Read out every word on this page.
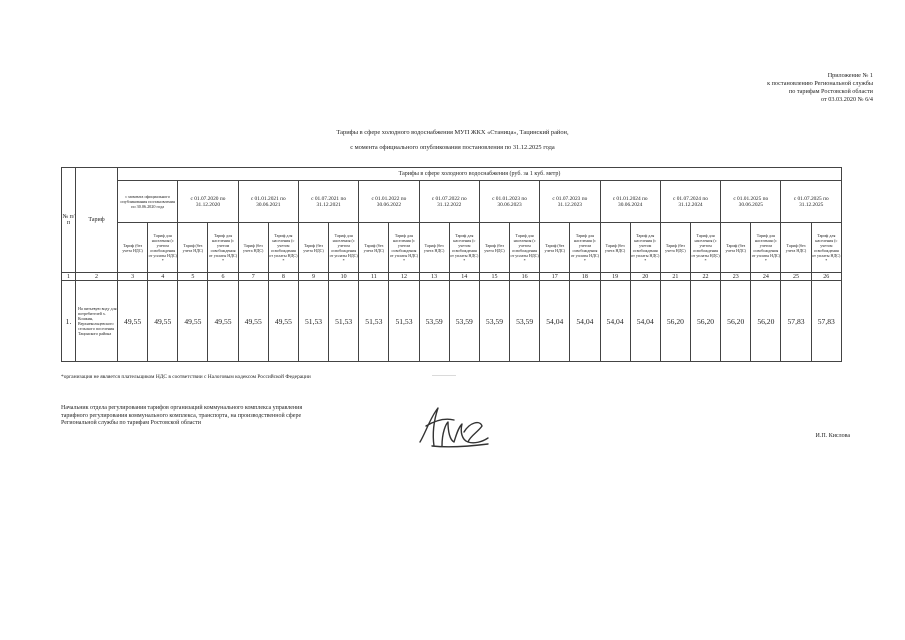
Приложение № 1
к постановлению Региональной службы
по тарифам Ростовской области
от 03.03.2020 № 6/4
Тарифы в сфере холодного водоснабжения МУП ЖКХ «Станица», Тацинский район,
с момента официального опубликования постановления по 31.12.2025 года
№ п/п	Тариф	Тарифы в сфере холодного водоснабжения (руб. за 1 куб. метр)																							
		с момента официального опубликования постановления по 30.06.2020 года		с 01.07.2020 по 31.12.2020		с 01.01.2021 по 30.06.2021		с 01.07.2021 по 31.12.2021		с 01.01.2022 по 30.06.2022		с 01.07.2022 по 31.12.2022		с 01.01.2023 по 30.06.2023		с 01.07.2023 по 31.12.2023		с 01.01.2024 по 30.06.2024		с 01.07.2024 по 31.12.2024		с 01.01.2025 по 30.06.2025		с 01.07.2025 по 31.12.2025	
		Тариф (без учета НДС)	Тариф для населения (с учетом освобождения от уплаты НДС) *	Тариф (без учета НДС)	Тариф для населения (с учетом освобождения от уплаты НДС) *	Тариф (без учета НДС)	Тариф для населения (с учетом освобождения от уплаты НДС) *	Тариф (без учета НДС)	Тариф для населения (с учетом освобождения от уплаты НДС) *	Тариф (без учета НДС)	Тариф для населения (с учетом освобождения от уплаты НДС) *	Тариф (без учета НДС)	Тариф для населения (с учетом освобождения от уплаты НДС) *	Тариф (без учета НДС)	Тариф для населения (с учетом освобождения от уплаты НДС) *	Тариф (без учета НДС)	Тариф для населения (с учетом освобождения от уплаты НДС) *	Тариф (без учета НДС)	Тариф для населения (с учетом освобождения от уплаты НДС) *	Тариф (без учета НДС)	Тариф для населения (с учетом освобождения от уплаты НДС) *	Тариф (без учета НДС)	Тариф для населения (с учетом освобождения от уплаты НДС) *	Тариф (без учета НДС)	Тариф для населения (с учетом освобождения от уплаты НДС) *
1	2	3	4	5	6	7	8	9	10	11	12	13	14	15	16	17	18	19	20	21	22	23	24	25	26
1.	На питьевую воду для потребителей х. Кошкин, Верхнекольцевского сельского поселения Тацинского района	49,55	49,55	49,55	49,55	49,55	49,55	51,53	51,53	51,53	51,53	53,59	53,59	53,59	53,59	54,04	54,04	54,04	54,04	56,20	56,20	56,20	56,20	57,83	57,83
*организация не является плательщиком НДС в соответствии с Налоговым кодексом Российской Федерации	——————
Начальник отдела регулирования тарифов организаций коммунального комплекса управления тарифного регулирования коммунального комплекса, транспорта, на производственной сфере Региональной службы по тарифам Ростовской области
И.П. Кислова
